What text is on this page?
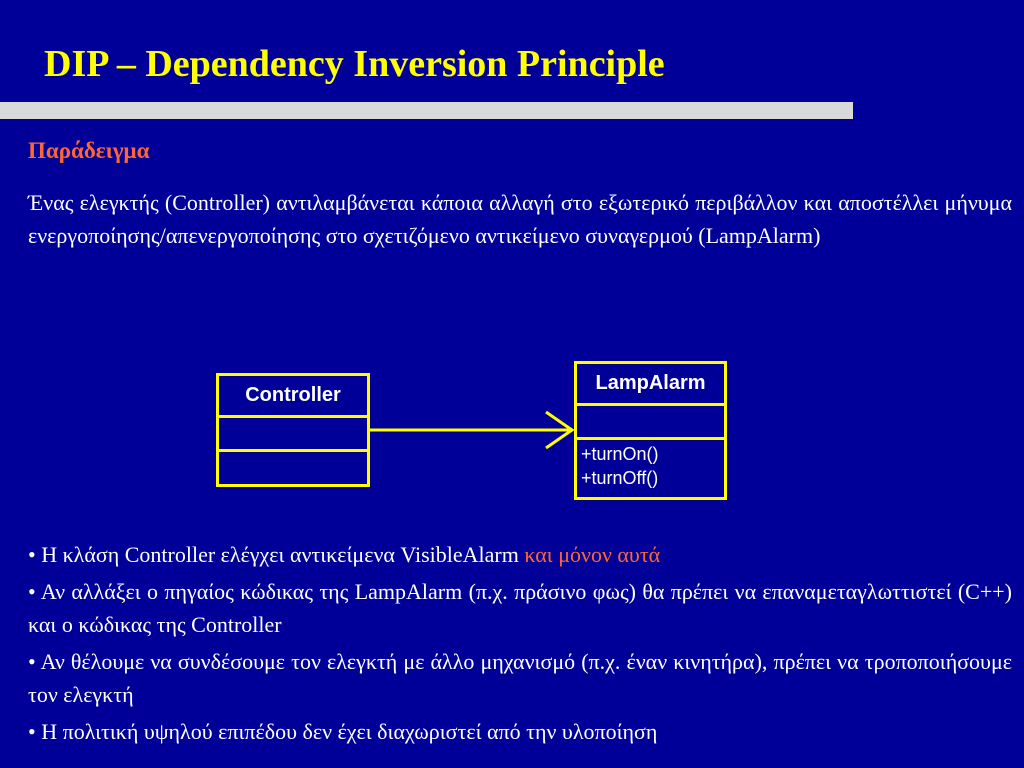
DIP – Dependency Inversion Principle
Παράδειγμα
Ένας ελεγκτής (Controller) αντιλαμβάνεται κάποια αλλαγή στο εξωτερικό περιβάλλον και αποστέλλει μήνυμα ενεργοποίησης/απενεργοποίησης στο σχετιζόμενο αντικείμενο συναγερμού (LampAlarm)
Controller
LampAlarm
+turnOn()
+turnOff()
• Η κλάση Controller ελέγχει αντικείμενα VisibleAlarm και μόνον αυτά
• Αν αλλάξει ο πηγαίος κώδικας της LampAlarm (π.χ. πράσινο φως) θα πρέπει να επαναμεταγλωττιστεί (C++) και ο κώδικας της Controller
• Αν θέλουμε να συνδέσουμε τον ελεγκτή με άλλο μηχανισμό (π.χ. έναν κινητήρα), πρέπει να τροποποιήσουμε τον ελεγκτή
• Η πολιτική υψηλού επιπέδου δεν έχει διαχωριστεί από την υλοποίηση
